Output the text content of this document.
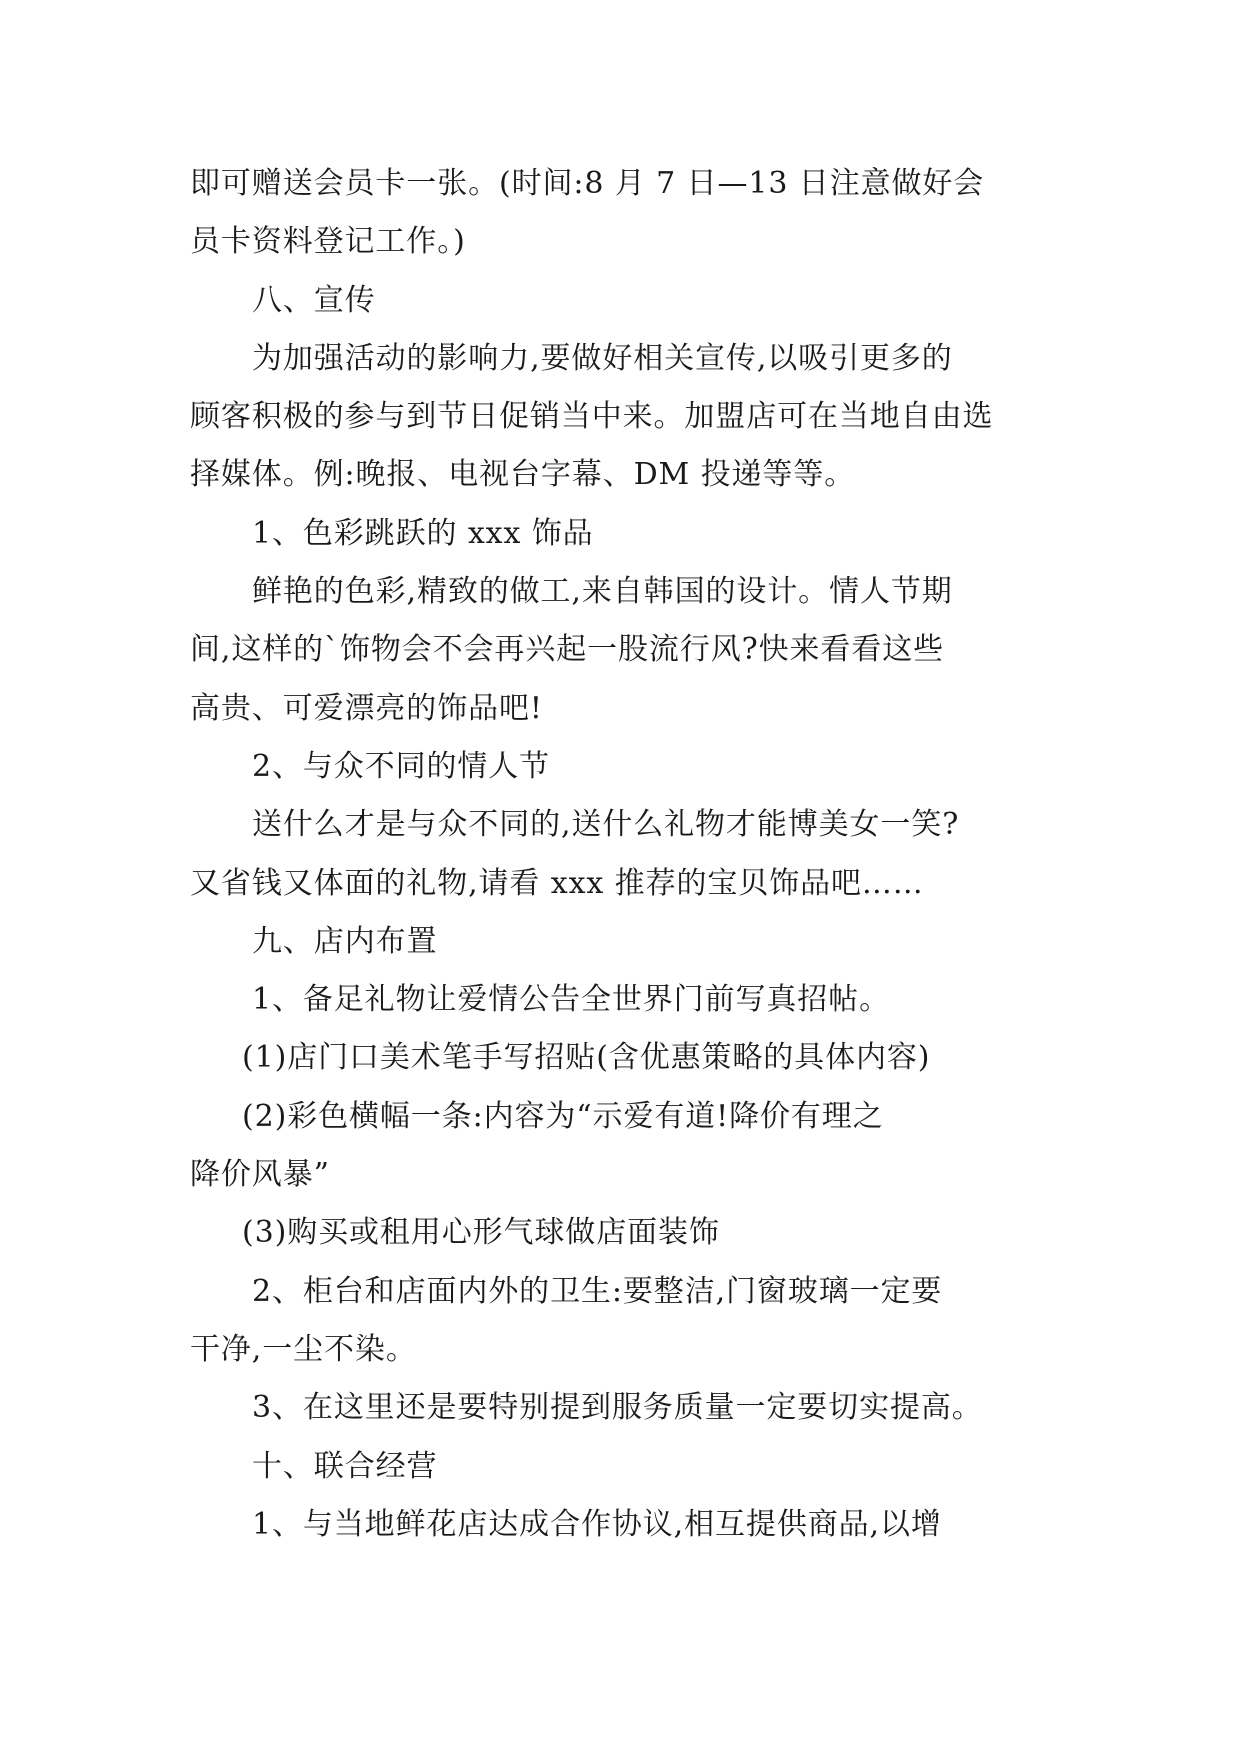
即可赠送会员卡一张。(时间:8 月 7 日—13 日注意做好会
员卡资料登记工作。)
八、宣传
为加强活动的影响力,要做好相关宣传,以吸引更多的
顾客积极的参与到节日促销当中来。加盟店可在当地自由选
择媒体。例:晚报、电视台字幕、DM 投递等等。
1、色彩跳跃的 xxx 饰品
鲜艳的色彩,精致的做工,来自韩国的设计。情人节期
间,这样的`饰物会不会再兴起一股流行风?快来看看这些
高贵、可爱漂亮的饰品吧!
2、与众不同的情人节
送什么才是与众不同的,送什么礼物才能博美女一笑?
又省钱又体面的礼物,请看 xxx 推荐的宝贝饰品吧……
九、店内布置
1、备足礼物让爱情公告全世界门前写真招帖。
(1)店门口美术笔手写招贴(含优惠策略的具体内容)
(2)彩色横幅一条:内容为“示爱有道!降价有理之
降价风暴”
(3)购买或租用心形气球做店面装饰
2、柜台和店面内外的卫生:要整洁,门窗玻璃一定要
干净,一尘不染。
3、在这里还是要特别提到服务质量一定要切实提高。
十、联合经营
1、与当地鲜花店达成合作协议,相互提供商品,以增
